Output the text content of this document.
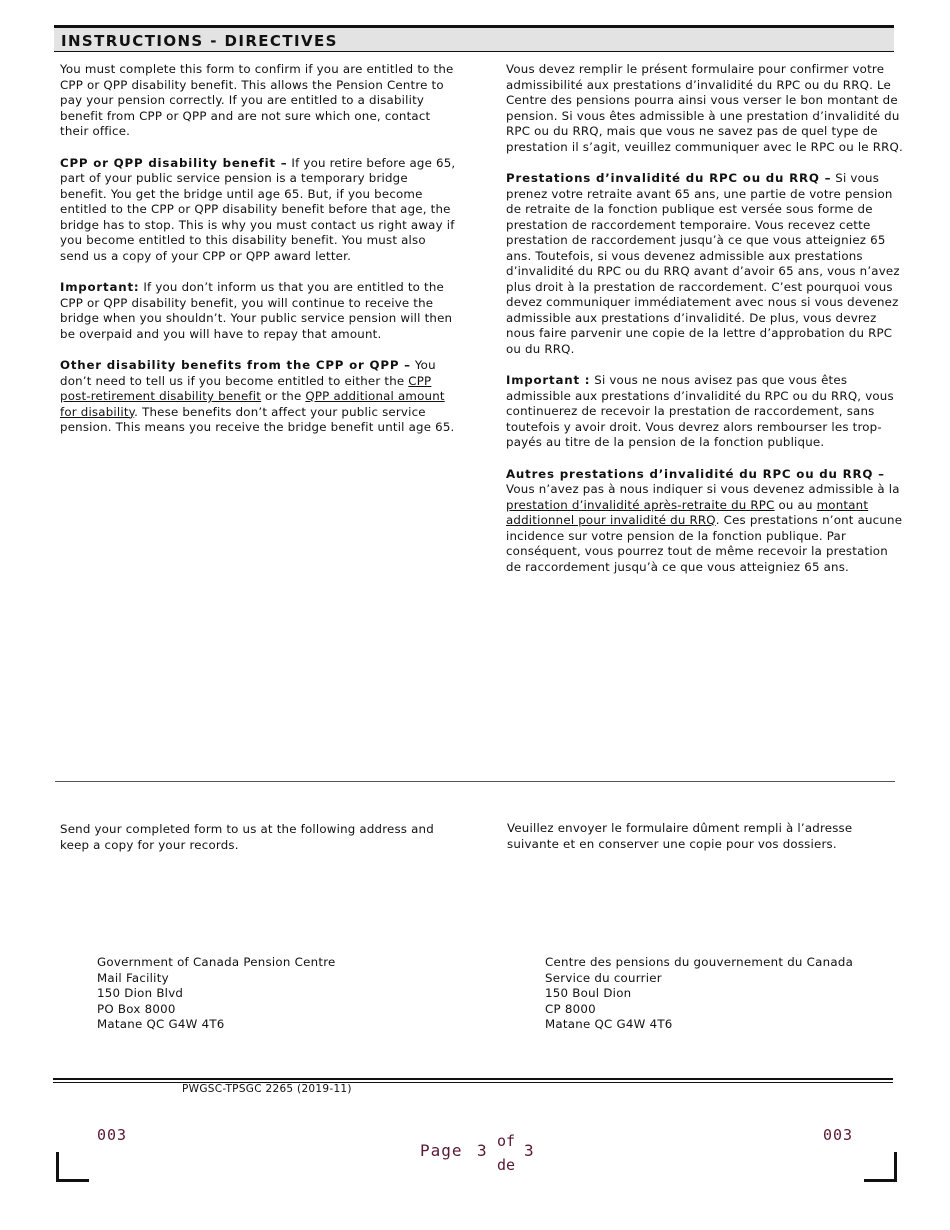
INSTRUCTIONS - DIRECTIVES

You must complete this form to confirm if you are entitled to the CPP or QPP disability benefit. This allows the Pension Centre to pay your pension correctly. If you are entitled to a disability benefit from CPP or QPP and are not sure which one, contact their office.

CPP or QPP disability benefit – If you retire before age 65, part of your public service pension is a temporary bridge benefit. You get the bridge until age 65. But, if you become entitled to the CPP or QPP disability benefit before that age, the bridge has to stop. This is why you must contact us right away if you become entitled to this disability benefit. You must also send us a copy of your CPP or QPP award letter.

Important: If you don’t inform us that you are entitled to the CPP or QPP disability benefit, you will continue to receive the bridge when you shouldn’t. Your public service pension will then be overpaid and you will have to repay that amount.

Other disability benefits from the CPP or QPP – You don’t need to tell us if you become entitled to either the CPP post-retirement disability benefit or the QPP additional amount for disability. These benefits don’t affect your public service pension. This means you receive the bridge benefit until age 65.

Vous devez remplir le présent formulaire pour confirmer votre admissibilité aux prestations d’invalidité du RPC ou du RRQ. Le Centre des pensions pourra ainsi vous verser le bon montant de pension. Si vous êtes admissible à une prestation d’invalidité du RPC ou du RRQ, mais que vous ne savez pas de quel type de prestation il s’agit, veuillez communiquer avec le RPC ou le RRQ.

Prestations d’invalidité du RPC ou du RRQ – Si vous prenez votre retraite avant 65 ans, une partie de votre pension de retraite de la fonction publique est versée sous forme de prestation de raccordement temporaire. Vous recevez cette prestation de raccordement jusqu’à ce que vous atteigniez 65 ans. Toutefois, si vous devenez admissible aux prestations d’invalidité du RPC ou du RRQ avant d’avoir 65 ans, vous n’avez plus droit à la prestation de raccordement. C’est pourquoi vous devez communiquer immédiatement avec nous si vous devenez admissible aux prestations d’invalidité. De plus, vous devrez nous faire parvenir une copie de la lettre d’approbation du RPC ou du RRQ.

Important : Si vous ne nous avisez pas que vous êtes admissible aux prestations d’invalidité du RPC ou du RRQ, vous continuerez de recevoir la prestation de raccordement, sans toutefois y avoir droit. Vous devrez alors rembourser les trop-payés au titre de la pension de la fonction publique.

Autres prestations d’invalidité du RPC ou du RRQ – Vous n’avez pas à nous indiquer si vous devenez admissible à la prestation d’invalidité après-retraite du RPC ou au montant additionnel pour invalidité du RRQ. Ces prestations n’ont aucune incidence sur votre pension de la fonction publique. Par conséquent, vous pourrez tout de même recevoir la prestation de raccordement jusqu’à ce que vous atteigniez 65 ans.

Send your completed form to us at the following address and keep a copy for your records.
Veuillez envoyer le formulaire dûment rempli à l’adresse suivante et en conserver une copie pour vos dossiers.
Government of Canada Pension Centre
Mail Facility
150 Dion Blvd
PO Box 8000
Matane QC G4W 4T6
Centre des pensions du gouvernement du Canada
Service du courrier
150 Boul Dion
CP 8000
Matane QC G4W 4T6
PWGSC-TPSGC 2265 (2019-11)
003	003
Page 3 of
de
3
